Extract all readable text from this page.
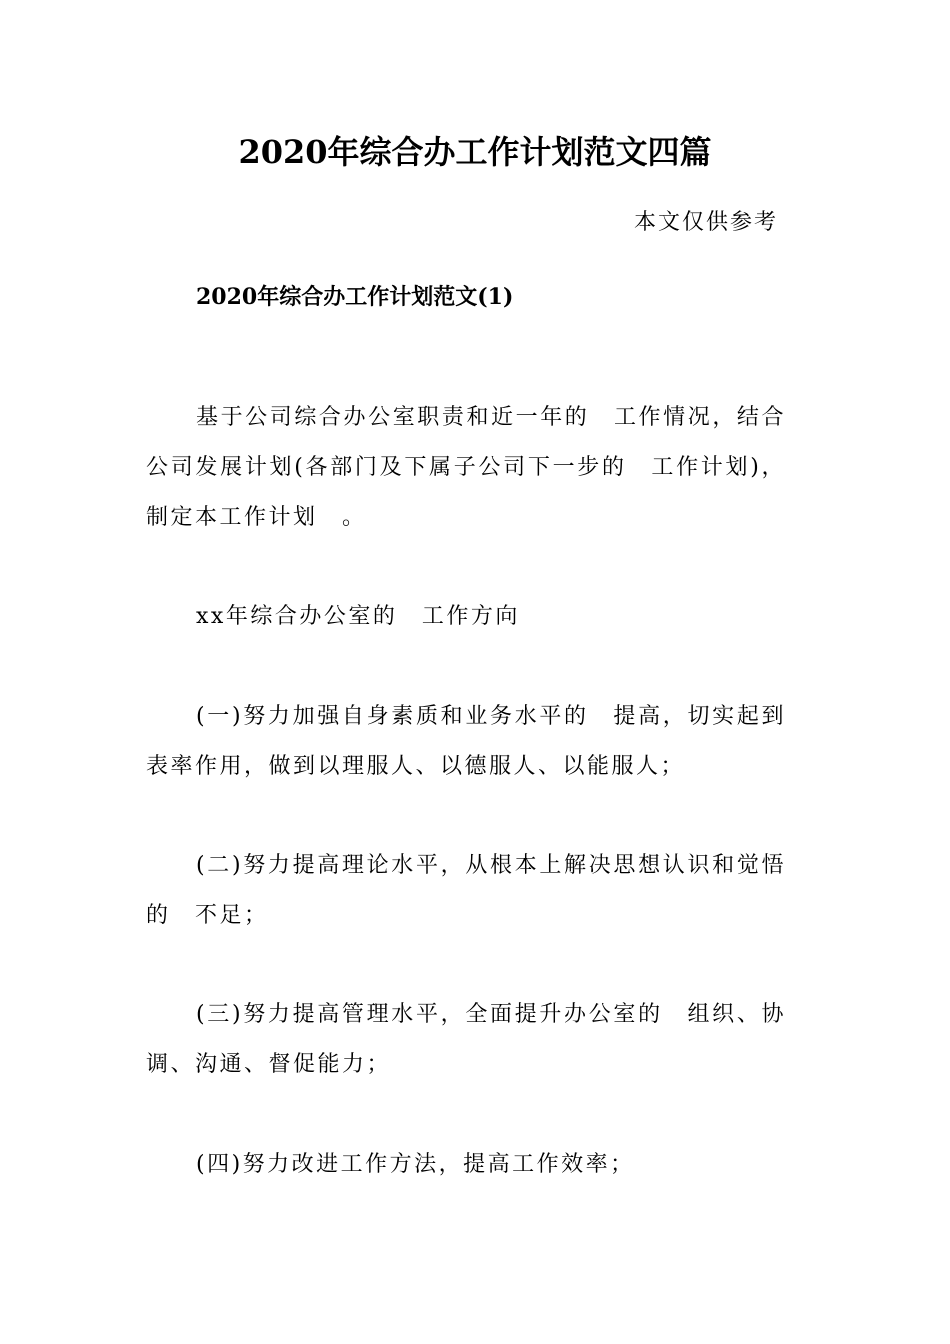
2020年综合办工作计划范文四篇
本文仅供参考
2020年综合办工作计划范文(1)
基于公司综合办公室职责和近一年的　工作情况，结合公司发展计划(各部门及下属子公司下一步的　工作计划)，制定本工作计划　。
xx年综合办公室的　工作方向
(一)努力加强自身素质和业务水平的　提高，切实起到表率作用，做到以理服人、以德服人、以能服人；
(二)努力提高理论水平，从根本上解决思想认识和觉悟的　不足；
(三)努力提高管理水平，全面提升办公室的　组织、协调、沟通、督促能力；
(四)努力改进工作方法，提高工作效率；
